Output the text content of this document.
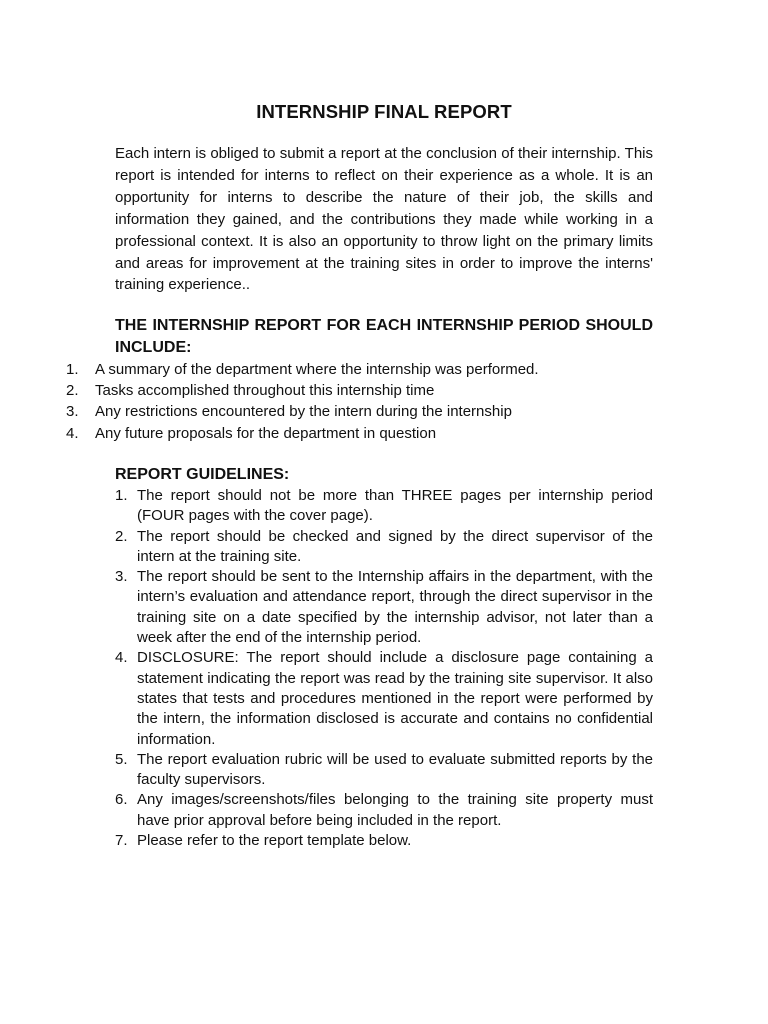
INTERNSHIP FINAL REPORT
Each intern is obliged to submit a report at the conclusion of their internship. This report is intended for interns to reflect on their experience as a whole. It is an opportunity for interns to describe the nature of their job, the skills and information they gained, and the contributions they made while working in a professional context. It is also an opportunity to throw light on the primary limits and areas for improvement at the training sites in order to improve the interns' training experience..
THE INTERNSHIP REPORT FOR EACH INTERNSHIP PERIOD SHOULD INCLUDE:
1.	A summary of the department where the internship was performed.
2.	Tasks accomplished throughout this internship time
3.	Any restrictions encountered by the intern during the internship
4.	Any future proposals for the department in question
REPORT GUIDELINES:
1. The report should not be more than THREE pages per internship period (FOUR pages with the cover page).
2. The report should be checked and signed by the direct supervisor of the intern at the training site.
3. The report should be sent to the Internship affairs in the department, with the intern’s evaluation and attendance report, through the direct supervisor in the training site on a date specified by the internship advisor, not later than a week after the end of the internship period.
4. DISCLOSURE: The report should include a disclosure page containing a statement indicating the report was read by the training site supervisor. It also states that tests and procedures mentioned in the report were performed by the intern, the information disclosed is accurate and contains no confidential information.
5. The report evaluation rubric will be used to evaluate submitted reports by the faculty supervisors.
6. Any images/screenshots/files belonging to the training site property must have prior approval before being included in the report.
7. Please refer to the report template below.
